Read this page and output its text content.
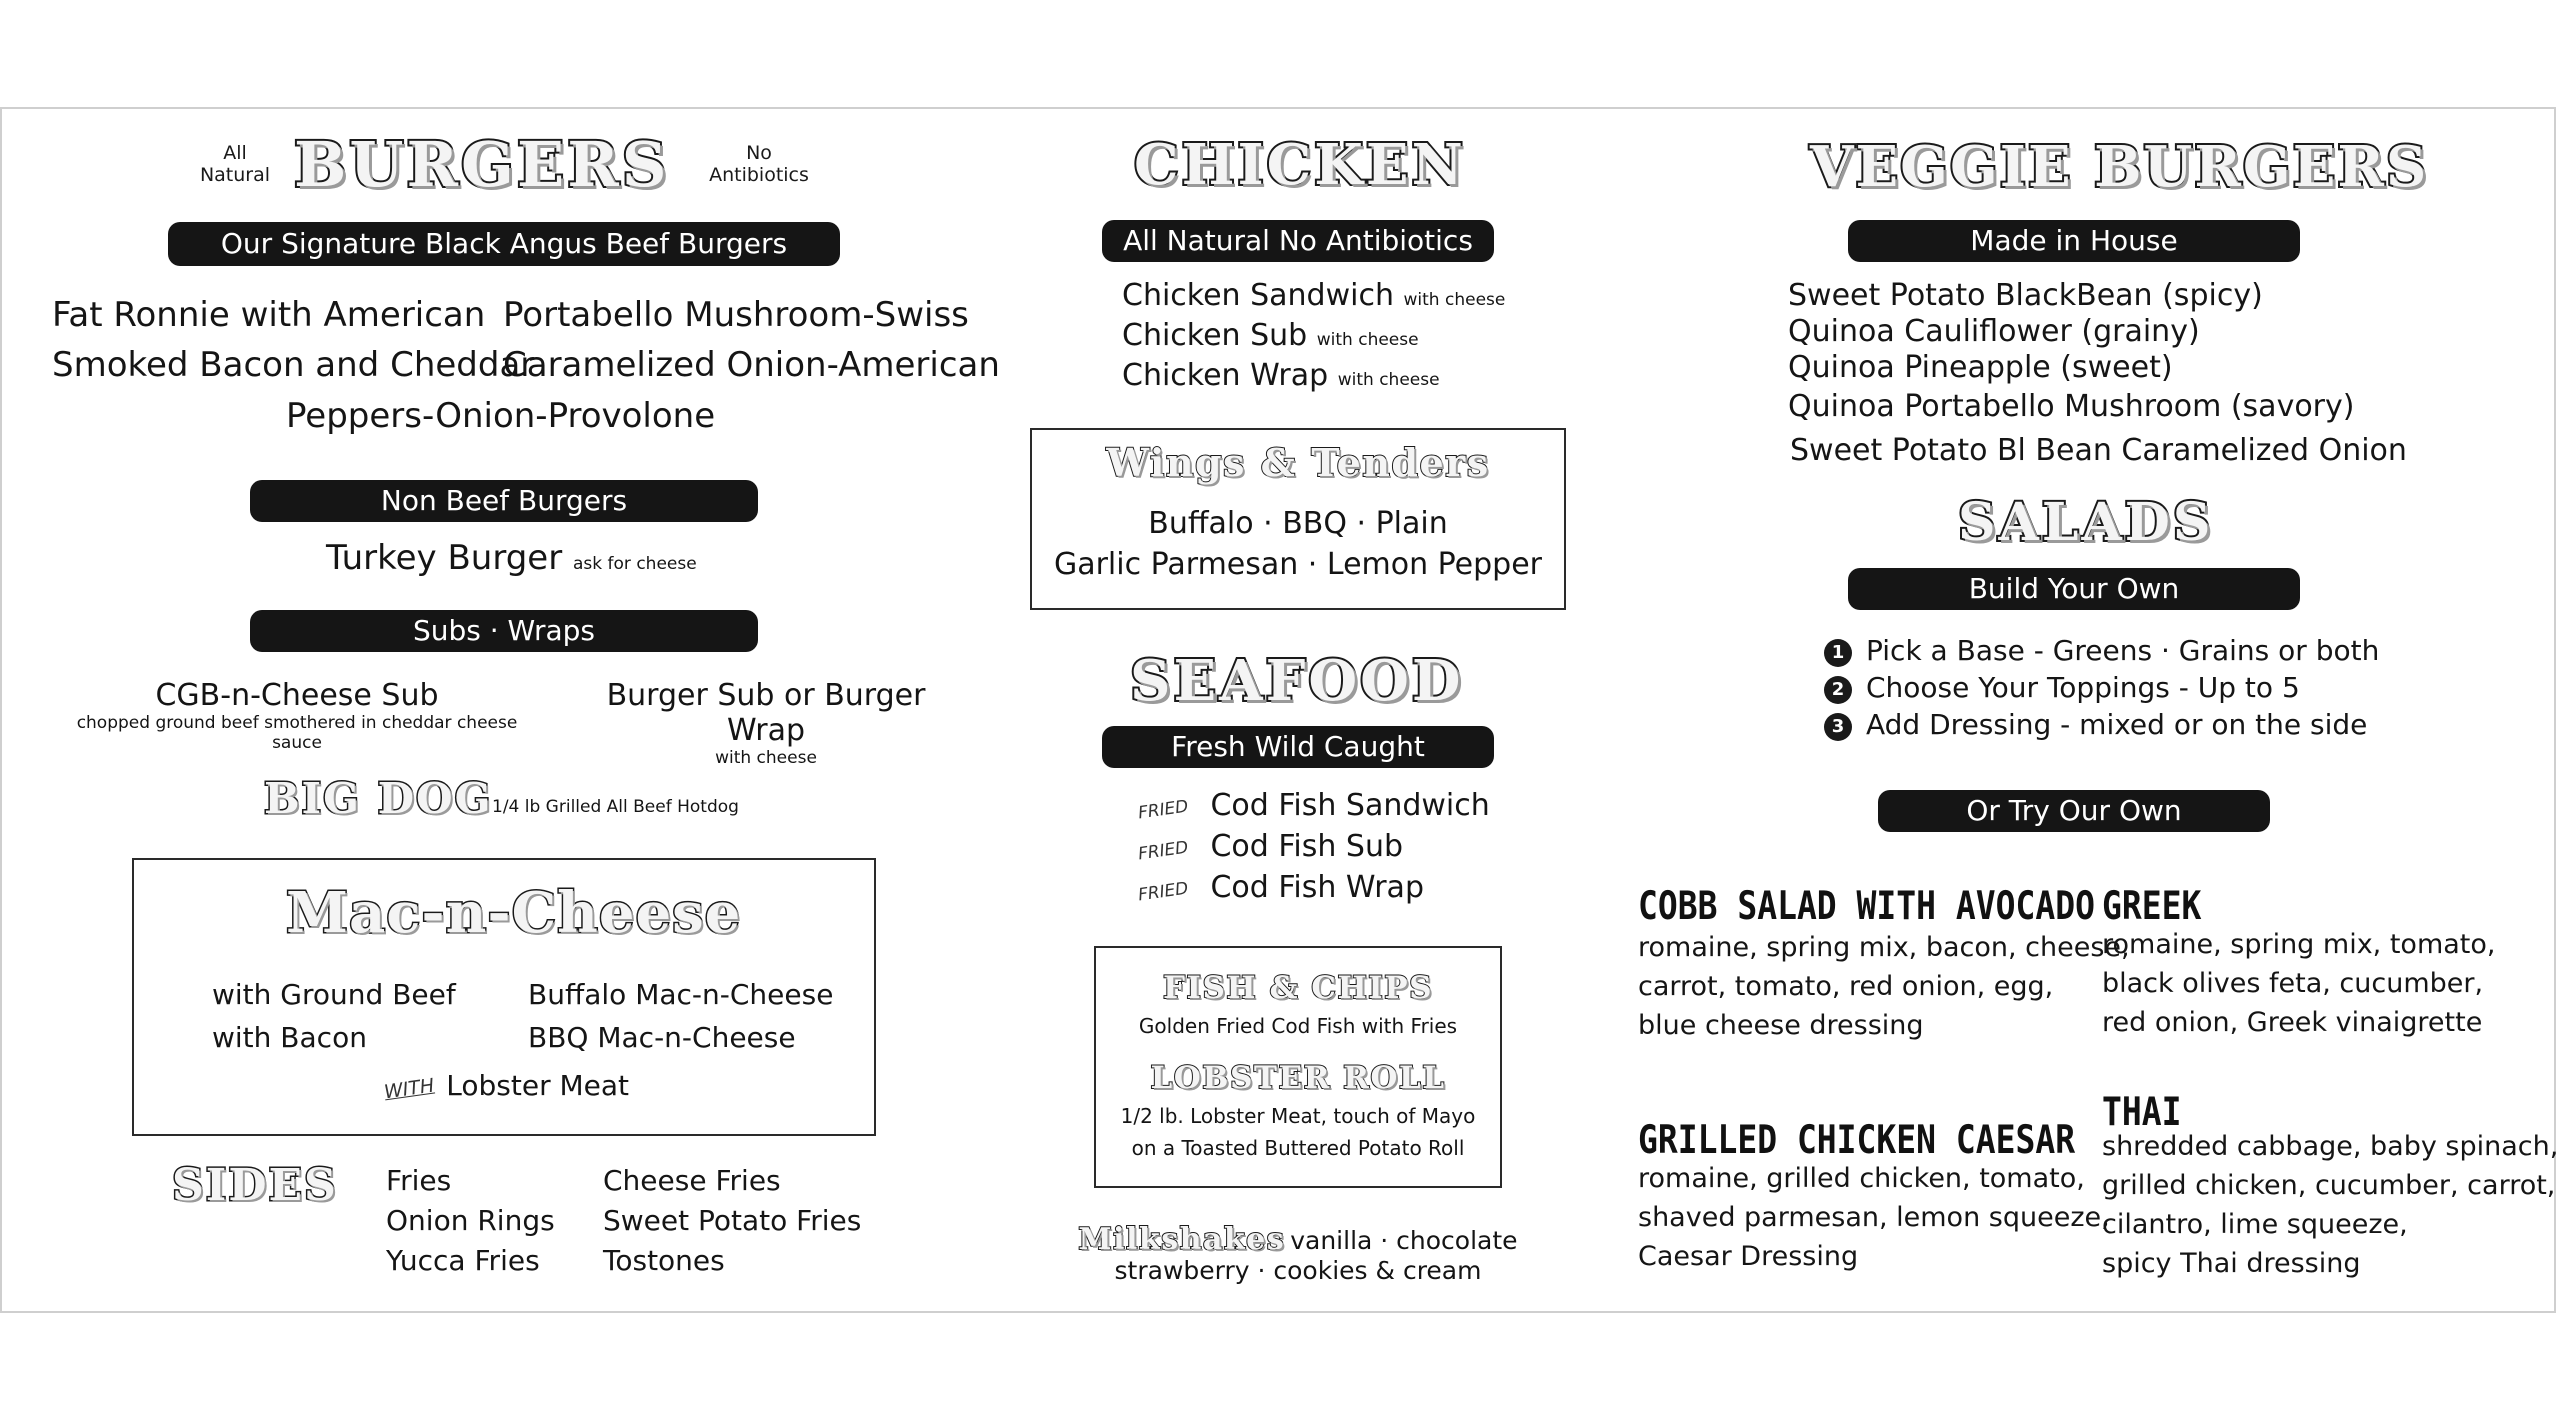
All
Natural BURGERS	No
Antibiotics
Our Signature Black Angus Beef Burgers
Fat Ronnie with American Portabello Mushroom-Swiss
Smoked Bacon and Cheddar
Caramelized Onion-American
Peppers-Onion-Provolone
Non Beef Burgers
Turkey Burger ask for cheese
Subs · Wraps
CGB-n-Cheese Sub
chopped ground beef smothered in cheddar cheese sauce
Burger Sub or Burger Wrap
with cheese
BIG DOG 1/4 lb Grilled All Beef Hotdog
Mac-n-Cheese
with Ground Beef	Buffalo Mac-n-Cheese
with Bacon	BBQ Mac-n-Cheese
WITH Lobster Meat
SIDES Fries
Onion Rings
Yucca Fries
Cheese Fries
Sweet Potato Fries
Tostones
CHICKEN
All Natural No Antibiotics
Chicken Sandwich with cheese
Chicken Sub with cheese
Chicken Wrap with cheese
Wings & Tenders
Buffalo · BBQ · Plain
Garlic Parmesan · Lemon Pepper
SEAFOOD
Fresh Wild Caught
FRIED Cod Fish Sandwich
FRIED Cod Fish Sub
FRIED Cod Fish Wrap
FISH & CHIPS
Golden Fried Cod Fish with Fries
LOBSTER ROLL
1/2 lb. Lobster Meat, touch of Mayo
on a Toasted Buttered Potato Roll
Milkshakes vanilla · chocolate
strawberry · cookies & cream
VEGGIE BURGERS
Made in House
Sweet Potato BlackBean (spicy)
Quinoa Cauliflower (grainy)
Quinoa Pineapple (sweet)
Quinoa Portabello Mushroom (savory)
Sweet Potato Bl Bean Caramelized Onion
SALADS
Build Your Own
1 Pick a Base - Greens · Grains or both
2 Choose Your Toppings - Up to 5
3 Add Dressing - mixed or on the side
Or Try Our Own
COBB SALAD WITH AVOCADO
romaine, spring mix, bacon, cheese,
carrot, tomato, red onion, egg,
blue cheese dressing
GREEK
romaine, spring mix, tomato,
black olives feta, cucumber,
red onion, Greek vinaigrette
GRILLED CHICKEN CAESAR
romaine, grilled chicken, tomato,
shaved parmesan, lemon squeeze,
Caesar Dressing
THAI
shredded cabbage, baby spinach,
grilled chicken, cucumber, carrot,
cilantro, lime squeeze,
spicy Thai dressing
